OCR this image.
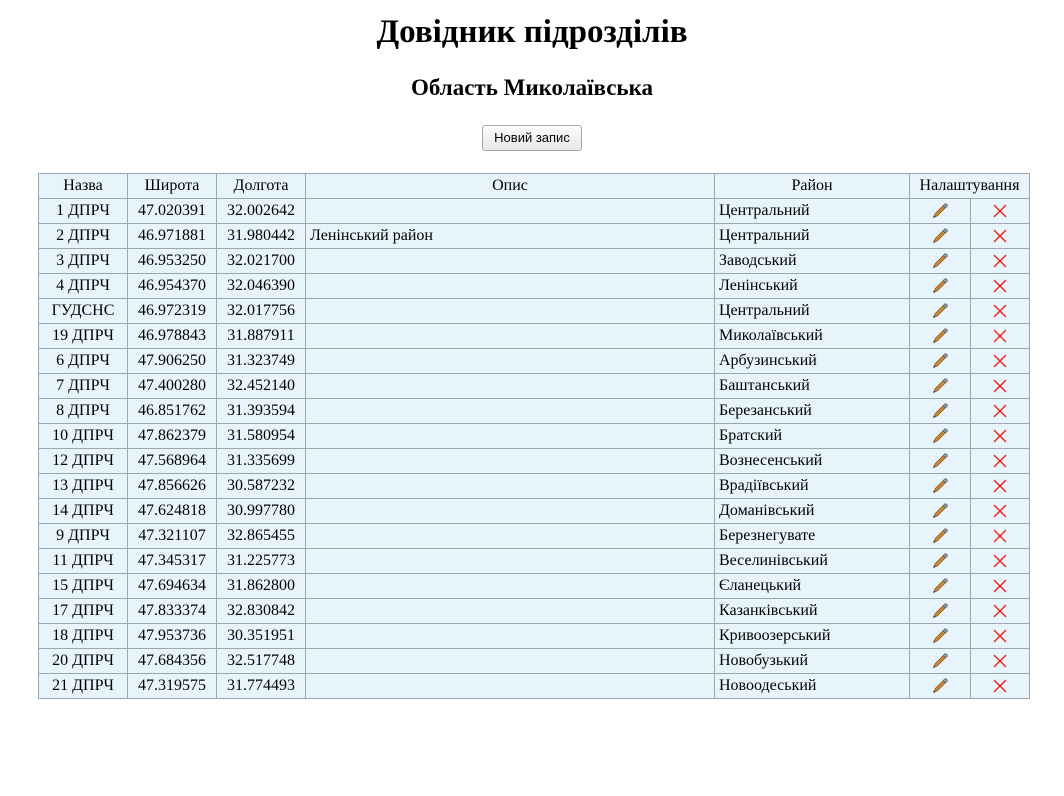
Довідник підрозділів
Область Миколаївська
Новий запис
Назва	Широта	Долгота	Опис	Район	Налаштування	
1 ДПРЧ	47.020391	32.002642		Центральний		
2 ДПРЧ	46.971881	31.980442	Ленінський район	Центральний		
3 ДПРЧ	46.953250	32.021700		Заводський		
4 ДПРЧ	46.954370	32.046390		Ленінський		
ГУДСНС	46.972319	32.017756		Центральний		
19 ДПРЧ	46.978843	31.887911		Миколаївський		
6 ДПРЧ	47.906250	31.323749		Арбузинський		
7 ДПРЧ	47.400280	32.452140		Баштанський		
8 ДПРЧ	46.851762	31.393594		Березанський		
10 ДПРЧ	47.862379	31.580954		Братский		
12 ДПРЧ	47.568964	31.335699		Вознесенський		
13 ДПРЧ	47.856626	30.587232		Врадіївський		
14 ДПРЧ	47.624818	30.997780		Доманівський		
9 ДПРЧ	47.321107	32.865455		Березнегуватe		
11 ДПРЧ	47.345317	31.225773		Веселинівський		
15 ДПРЧ	47.694634	31.862800		Єланецький		
17 ДПРЧ	47.833374	32.830842		Казанківський		
18 ДПРЧ	47.953736	30.351951		Кривоозерський		
20 ДПРЧ	47.684356	32.517748		Новобузький		
21 ДПРЧ	47.319575	31.774493		Новоодеський		
